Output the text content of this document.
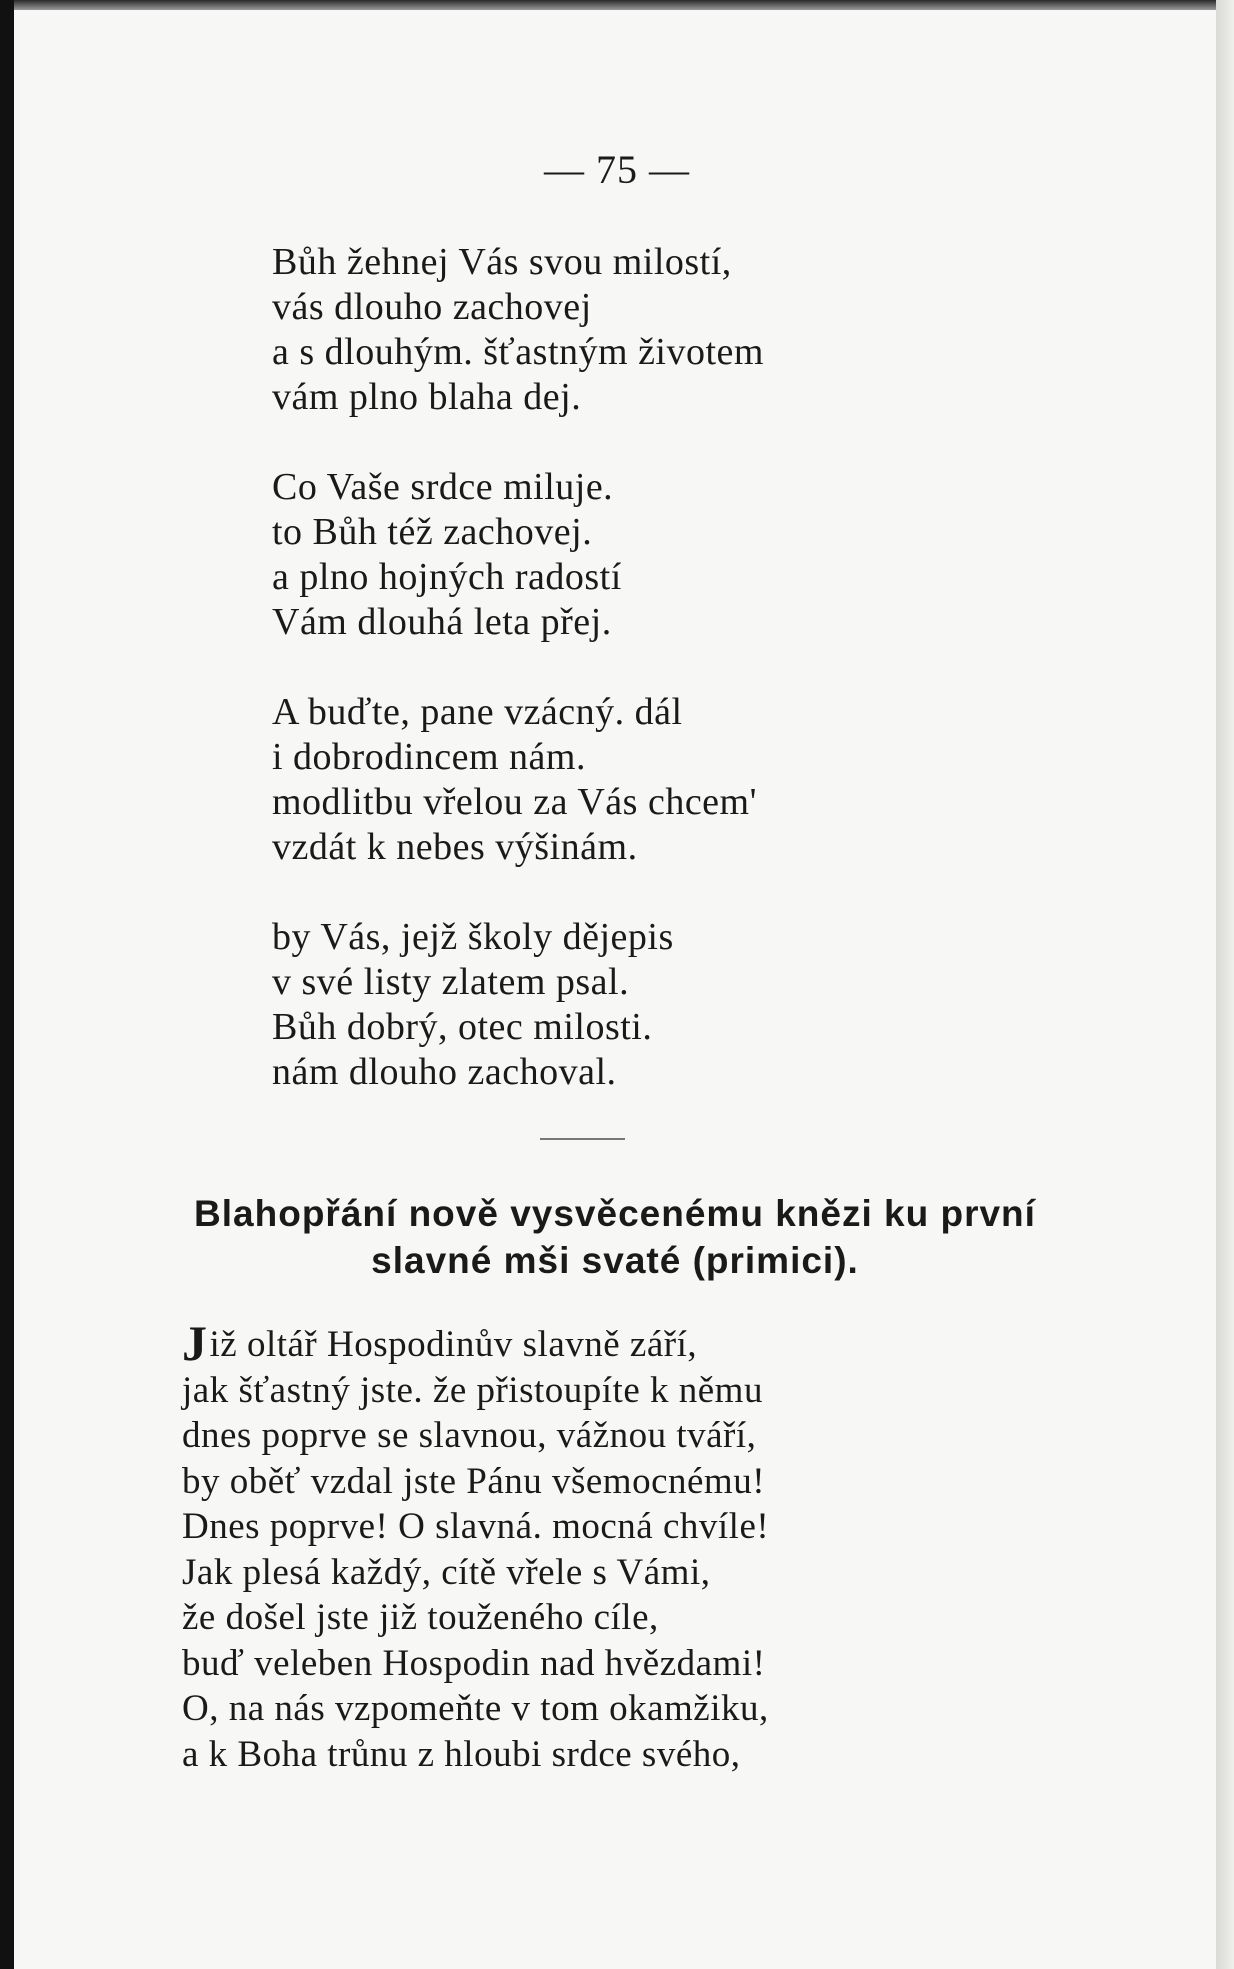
— 75 —
Bůh žehnej Vás svou milostí,
vás dlouho zachovej
a s dlouhým. šťastným životem
vám plno blaha dej.
Co Vaše srdce miluje.
to Bůh též zachovej.
a plno hojných radostí
Vám dlouhá leta přej.
A buďte, pane vzácný. dál
i dobrodincem nám.
modlitbu vřelou za Vás chcem'
vzdát k nebes výšinám.
by Vás, jejž školy dějepis
v své listy zlatem psal.
Bůh dobrý, otec milosti.
nám dlouho zachoval.
Blahopřání nově vysvěcenému knězi ku první
slavné mši svaté (primici).
Již oltář Hospodinův slavně září,
jak šťastný jste. že přistoupíte k němu
dnes poprve se slavnou, vážnou tváří,
by oběť vzdal jste Pánu všemocnému!
Dnes poprve! O slavná. mocná chvíle!
Jak plesá každý, cítě vřele s Vámi,
že došel jste již touženého cíle,
buď veleben Hospodin nad hvězdami!
O, na nás vzpomeňte v tom okamžiku,
a k Boha trůnu z hloubi srdce svého,
